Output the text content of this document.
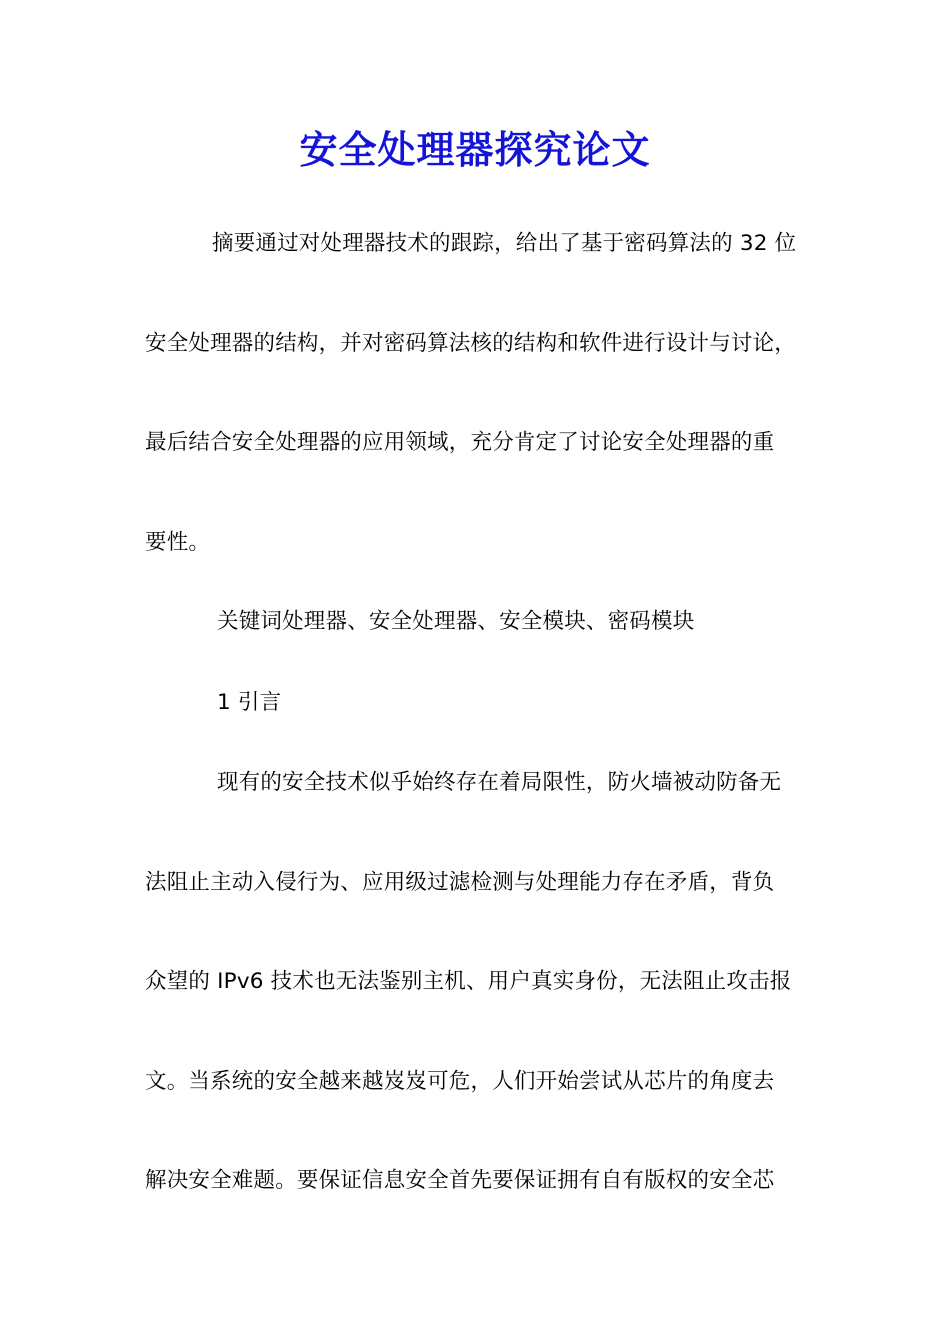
安全处理器探究论文
摘要通过对处理器技术的跟踪，给出了基于密码算法的 32 位
安全处理器的结构，并对密码算法核的结构和软件进行设计与讨论，
最后结合安全处理器的应用领域，充分肯定了讨论安全处理器的重
要性。
关键词处理器、安全处理器、安全模块、密码模块
1 引言
现有的安全技术似乎始终存在着局限性，防火墙被动防备无
法阻止主动入侵行为、应用级过滤检测与处理能力存在矛盾，背负
众望的 IPv6 技术也无法鉴别主机、用户真实身份，无法阻止攻击报
文。当系统的安全越来越岌岌可危，人们开始尝试从芯片的角度去
解决安全难题。要保证信息安全首先要保证拥有自有版权的安全芯
